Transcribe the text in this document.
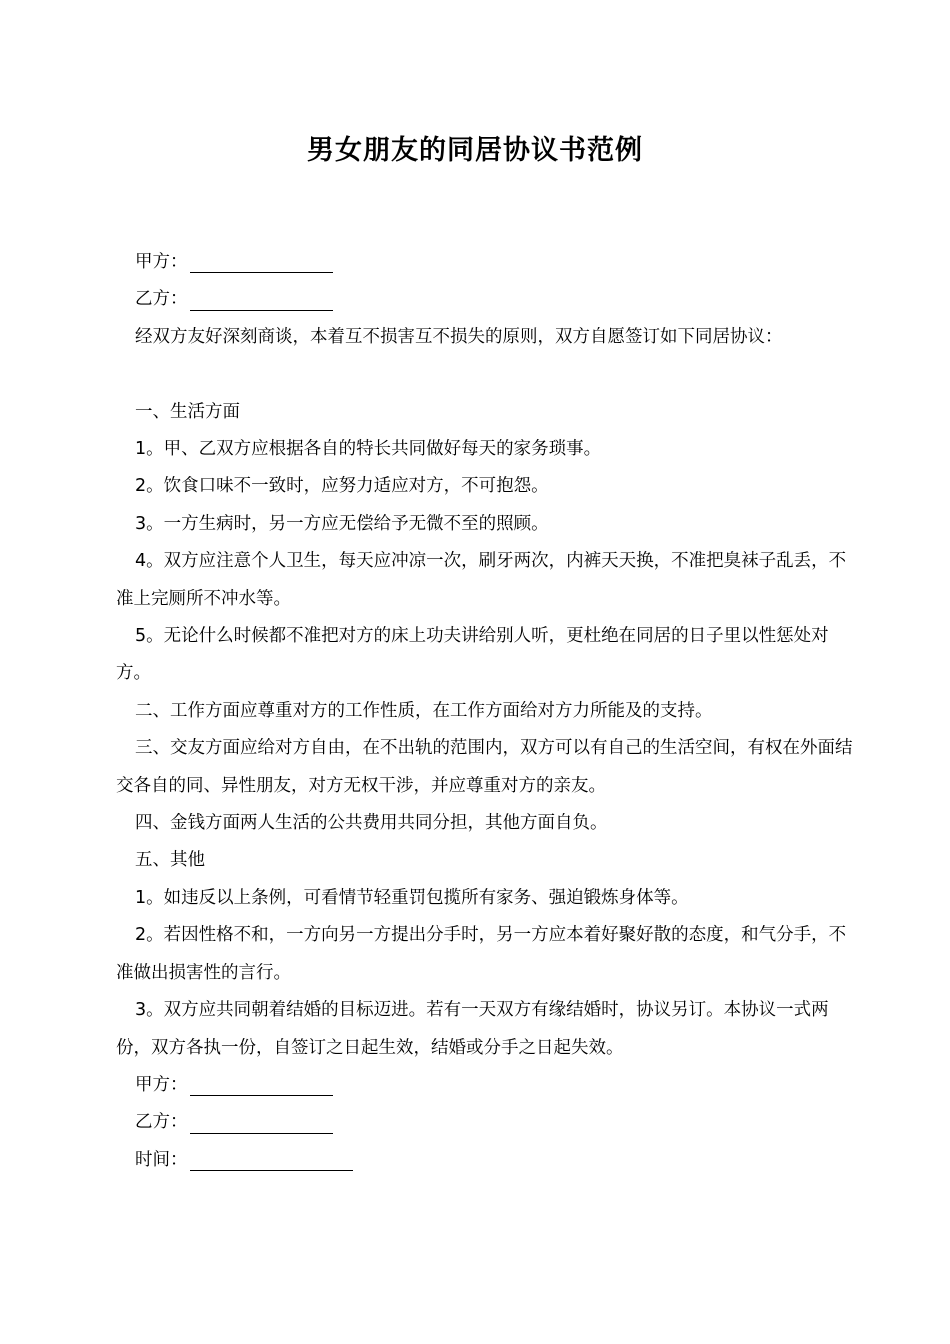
男女朋友的同居协议书范例
甲方：
乙方：
经双方友好深刻商谈，本着互不损害互不损失的原则，双方自愿签订如下同居协议：
一、生活方面
1。甲、乙双方应根据各自的特长共同做好每天的家务琐事。
2。饮食口味不一致时，应努力适应对方，不可抱怨。
3。一方生病时，另一方应无偿给予无微不至的照顾。
4。双方应注意个人卫生，每天应冲凉一次，刷牙两次，内裤天天换，不准把臭袜子乱丢，不准上完厕所不冲水等。
5。无论什么时候都不准把对方的床上功夫讲给别人听，更杜绝在同居的日子里以性惩处对方。
二、工作方面应尊重对方的工作性质，在工作方面给对方力所能及的支持。
三、交友方面应给对方自由，在不出轨的范围内，双方可以有自己的生活空间，有权在外面结交各自的同、异性朋友，对方无权干涉，并应尊重对方的亲友。
四、金钱方面两人生活的公共费用共同分担，其他方面自负。
五、其他
1。如违反以上条例，可看情节轻重罚包揽所有家务、强迫锻炼身体等。
2。若因性格不和，一方向另一方提出分手时，另一方应本着好聚好散的态度，和气分手，不准做出损害性的言行。
3。双方应共同朝着结婚的目标迈进。若有一天双方有缘结婚时，协议另订。本协议一式两份，双方各执一份，自签订之日起生效，结婚或分手之日起失效。
甲方：
乙方：
时间：
